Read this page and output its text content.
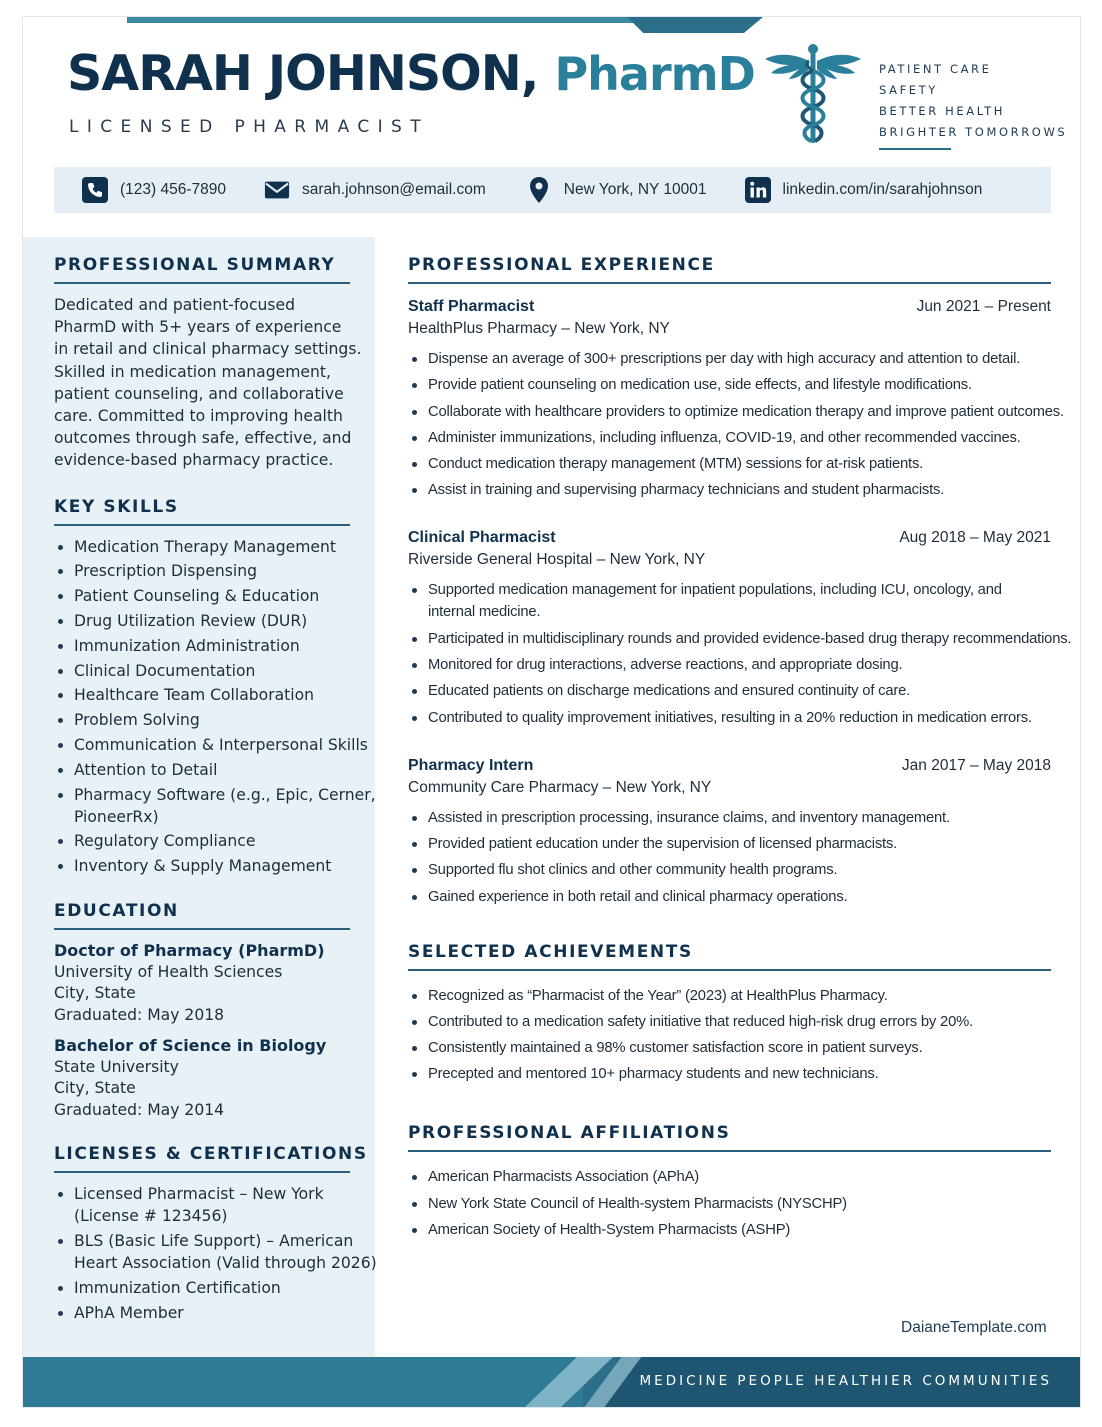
SARAH JOHNSON, PharmD
LICENSED PHARMACIST
PATIENT CARE
SAFETY
BETTER HEALTH
BRIGHTER TOMORROWS
(123) 456-7890	sarah.johnson@email.com	New York, NY 10001	linkedin.com/in/sarahjohnson
PROFESSIONAL SUMMARY
Dedicated and patient-focused
PharmD with 5+ years of experience
in retail and clinical pharmacy settings.
Skilled in medication management,
patient counseling, and collaborative
care. Committed to improving health
outcomes through safe, effective, and
evidence-based pharmacy practice.
KEY SKILLS
Medication Therapy Management
Prescription Dispensing
Patient Counseling & Education
Drug Utilization Review (DUR)
Immunization Administration
Clinical Documentation
Healthcare Team Collaboration
Problem Solving
Communication & Interpersonal Skills
Attention to Detail
Pharmacy Software (e.g., Epic, Cerner,
PioneerRx)
Regulatory Compliance
Inventory & Supply Management
EDUCATION
Doctor of Pharmacy (PharmD)
University of Health Sciences
City, State
Graduated: May 2018
Bachelor of Science in Biology
State University
City, State
Graduated: May 2014
LICENSES & CERTIFICATIONS
Licensed Pharmacist – New York
(License # 123456)
BLS (Basic Life Support) – American
Heart Association (Valid through 2026)
Immunization Certification
APhA Member
PROFESSIONAL EXPERIENCE
Staff Pharmacist	Jun 2021 – Present
HealthPlus Pharmacy – New York, NY
Dispense an average of 300+ prescriptions per day with high accuracy and attention to detail.
Provide patient counseling on medication use, side effects, and lifestyle modifications.
Collaborate with healthcare providers to optimize medication therapy and improve patient outcomes.
Administer immunizations, including influenza, COVID-19, and other recommended vaccines.
Conduct medication therapy management (MTM) sessions for at-risk patients.
Assist in training and supervising pharmacy technicians and student pharmacists.
Clinical Pharmacist	Aug 2018 – May 2021
Riverside General Hospital – New York, NY
Supported medication management for inpatient populations, including ICU, oncology, and
internal medicine.
Participated in multidisciplinary rounds and provided evidence-based drug therapy recommendations.
Monitored for drug interactions, adverse reactions, and appropriate dosing.
Educated patients on discharge medications and ensured continuity of care.
Contributed to quality improvement initiatives, resulting in a 20% reduction in medication errors.
Pharmacy Intern	Jan 2017 – May 2018
Community Care Pharmacy – New York, NY
Assisted in prescription processing, insurance claims, and inventory management.
Provided patient education under the supervision of licensed pharmacists.
Supported flu shot clinics and other community health programs.
Gained experience in both retail and clinical pharmacy operations.
SELECTED ACHIEVEMENTS
Recognized as “Pharmacist of the Year” (2023) at HealthPlus Pharmacy.
Contributed to a medication safety initiative that reduced high-risk drug errors by 20%.
Consistently maintained a 98% customer satisfaction score in patient surveys.
Precepted and mentored 10+ pharmacy students and new technicians.
PROFESSIONAL AFFILIATIONS
American Pharmacists Association (APhA)
New York State Council of Health-system Pharmacists (NYSCHP)
American Society of Health-System Pharmacists (ASHP)
DaianeTemplate.com
MEDICINE PEOPLE HEALTHIER COMMUNITIES
